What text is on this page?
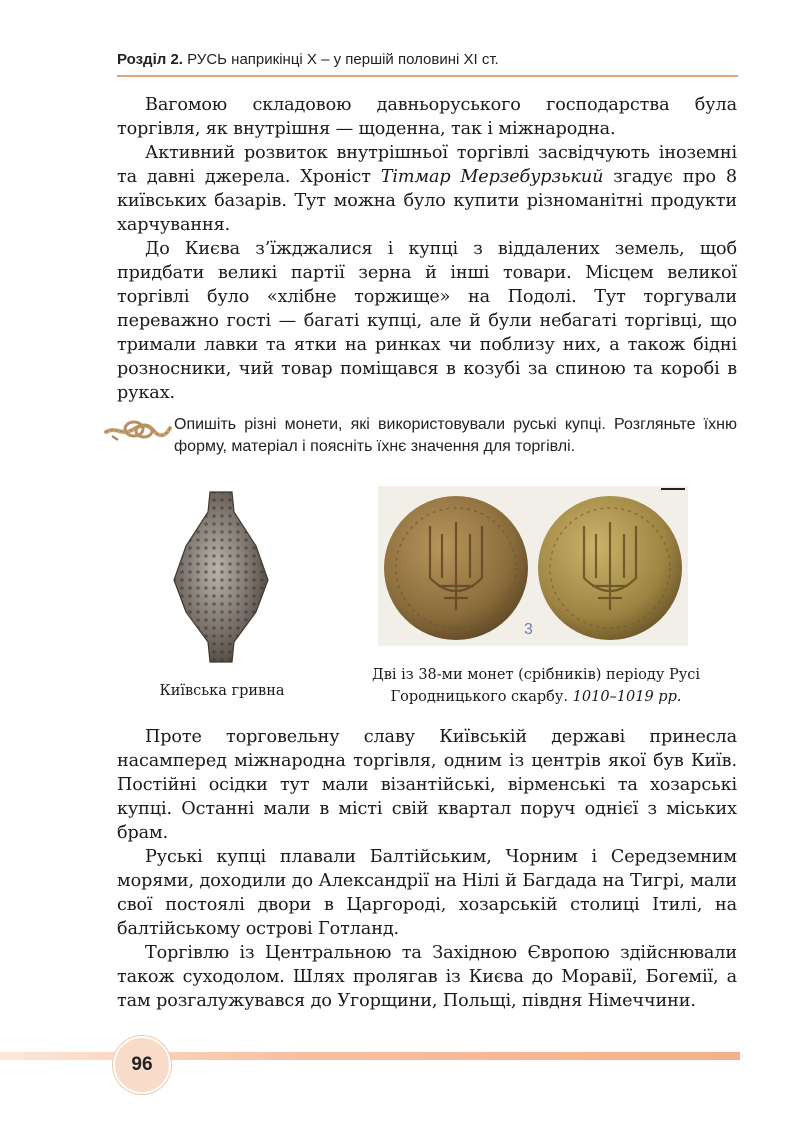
Розділ 2. РУСЬ наприкінці Х – у першій половині ХІ ст.

Вагомою складовою давньоруського господарства була торгівля, як внутрішня — щоденна, так і міжнародна.

Активний розвиток внутрішньої торгівлі засвідчують іноземні та давні джерела. Хроніст Тітмар Мерзебурзький згадує про 8 київських базарів. Тут можна було купити різноманітні продукти харчування.

До Києва з’їжджалися і купці з віддалених земель, щоб придбати великі партії зерна й інші товари. Місцем великої торгівлі було «хлібне торжище» на Подолі. Тут торгували переважно гості — багаті купці, але й були небагаті торгівці, що тримали лавки та ятки на ринках чи поблизу них, а також бідні розносники, чий товар поміщався в козубі за спиною та коробі в руках.

Опишіть різні монети, які використовували руські купці. Розгляньте їхню форму, матеріал і поясніть їхнє значення для торгівлі.
3
Київська гривна
Дві із 38-ми монет (срібників) періоду Русі Городницького скарбу. 1010–1019 рр.

Проте торговельну славу Київській державі принесла насамперед міжнародна торгівля, одним із центрів якої був Київ. Постійні осідки тут мали візантійські, вірменські та хозарські купці. Останні мали в місті свій квартал поруч однієї з міських брам.

Руські купці плавали Балтійським, Чорним і Середземним морями, доходили до Александрії на Нілі й Багдада на Тигрі, мали свої постоялі двори в Царгороді, хозарській столиці Ітилі, на балтійському острові Готланд.

Торгівлю із Центральною та Західною Європою здійснювали також суходолом. Шлях пролягав із Києва до Моравії, Богемії, а там розгалужувався до Угорщини, Польщі, півдня Німеччини.

96
